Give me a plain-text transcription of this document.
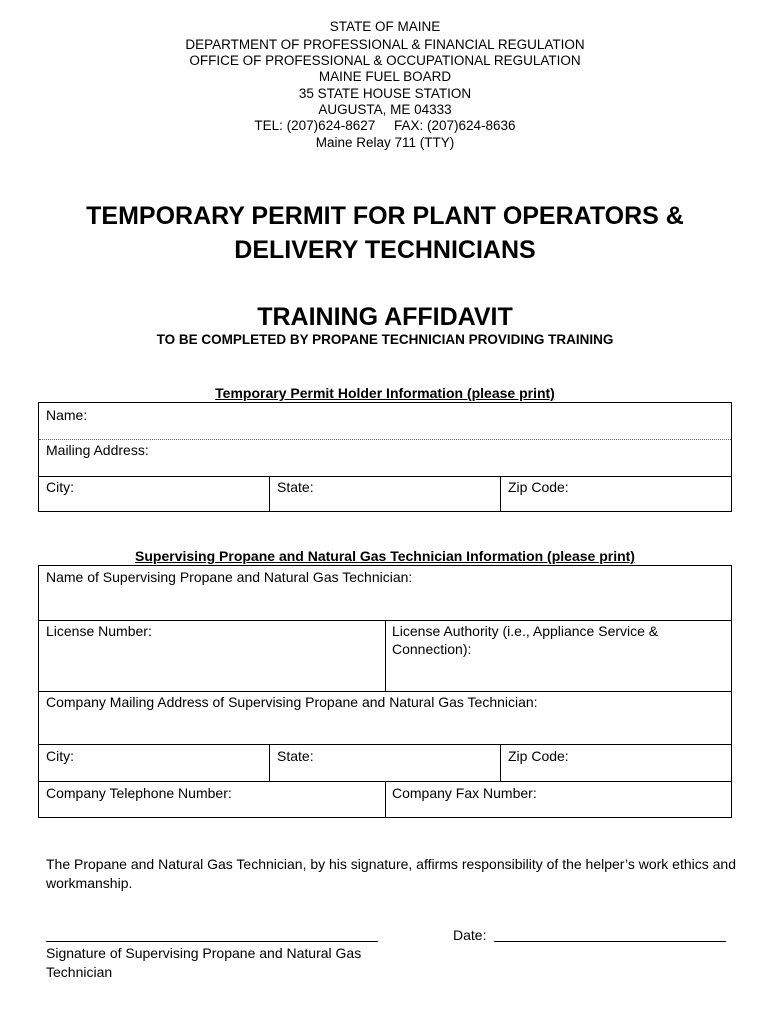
STATE OF MAINE
DEPARTMENT OF PROFESSIONAL & FINANCIAL REGULATION
OFFICE OF PROFESSIONAL & OCCUPATIONAL REGULATION
MAINE FUEL BOARD
35 STATE HOUSE STATION
AUGUSTA, ME 04333
TEL: (207)624-8627     FAX: (207)624-8636
Maine Relay 711 (TTY)
TEMPORARY PERMIT FOR PLANT OPERATORS &
DELIVERY TECHNICIANS
TRAINING AFFIDAVIT
TO BE COMPLETED BY PROPANE TECHNICIAN PROVIDING TRAINING
Temporary Permit Holder Information (please print)
Name:
Mailing Address:
City:	State:	Zip Code:
Supervising Propane and Natural Gas Technician Information (please print)
Name of Supervising Propane and Natural Gas Technician:
License Number:	License Authority (i.e., Appliance Service &
Connection):
Company Mailing Address of Supervising Propane and Natural Gas Technician:
City:	State:	Zip Code:
Company Telephone Number:	Company Fax Number:
The Propane and Natural Gas Technician, by his signature, affirms responsibility of the helper’s work ethics and workmanship.
Signature of Supervising Propane and Natural Gas
Technician
Date:
